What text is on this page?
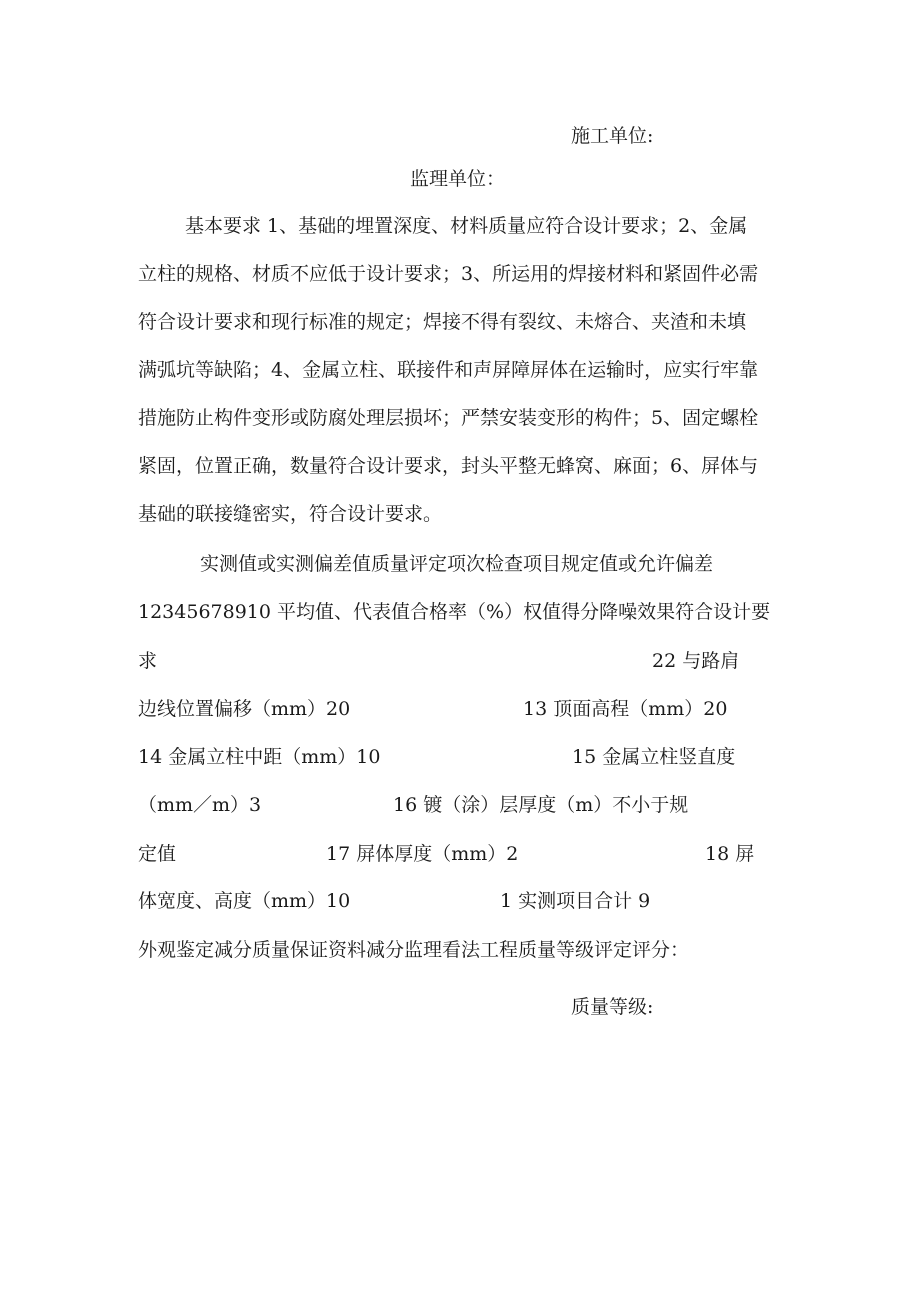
施工单位:
监理单位：
基本要求 1、基础的埋置深度、材料质量应符合设计要求；2、金属
立柱的规格、材质不应低于设计要求；3、所运用的焊接材料和紧固件必需
符合设计要求和现行标准的规定；焊接不得有裂纹、未熔合、夹渣和未填
满弧坑等缺陷；4、金属立柱、联接件和声屏障屏体在运输时，应实行牢靠
措施防止构件变形或防腐处理层损坏；严禁安装变形的构件；5、固定螺栓
紧固，位置正确，数量符合设计要求，封头平整无蜂窝、麻面；6、屏体与
基础的联接缝密实，符合设计要求。
实测值或实测偏差值质量评定项次检查项目规定值或允许偏差
12345678910 平均值、代表值合格率（%）权值得分降噪效果符合设计要
求	22 与路肩
边线位置偏移（mm）20	13 顶面高程（mm）20
14 金属立柱中距（mm）10	15 金属立柱竖直度
（mm／m）3	16 镀（涂）层厚度（m）不小于规
定值	17 屏体厚度（mm）2	18 屏
体宽度、高度（mm）10	1 实测项目合计 9
外观鉴定减分质量保证资料减分监理看法工程质量等级评定评分：
质量等级:
